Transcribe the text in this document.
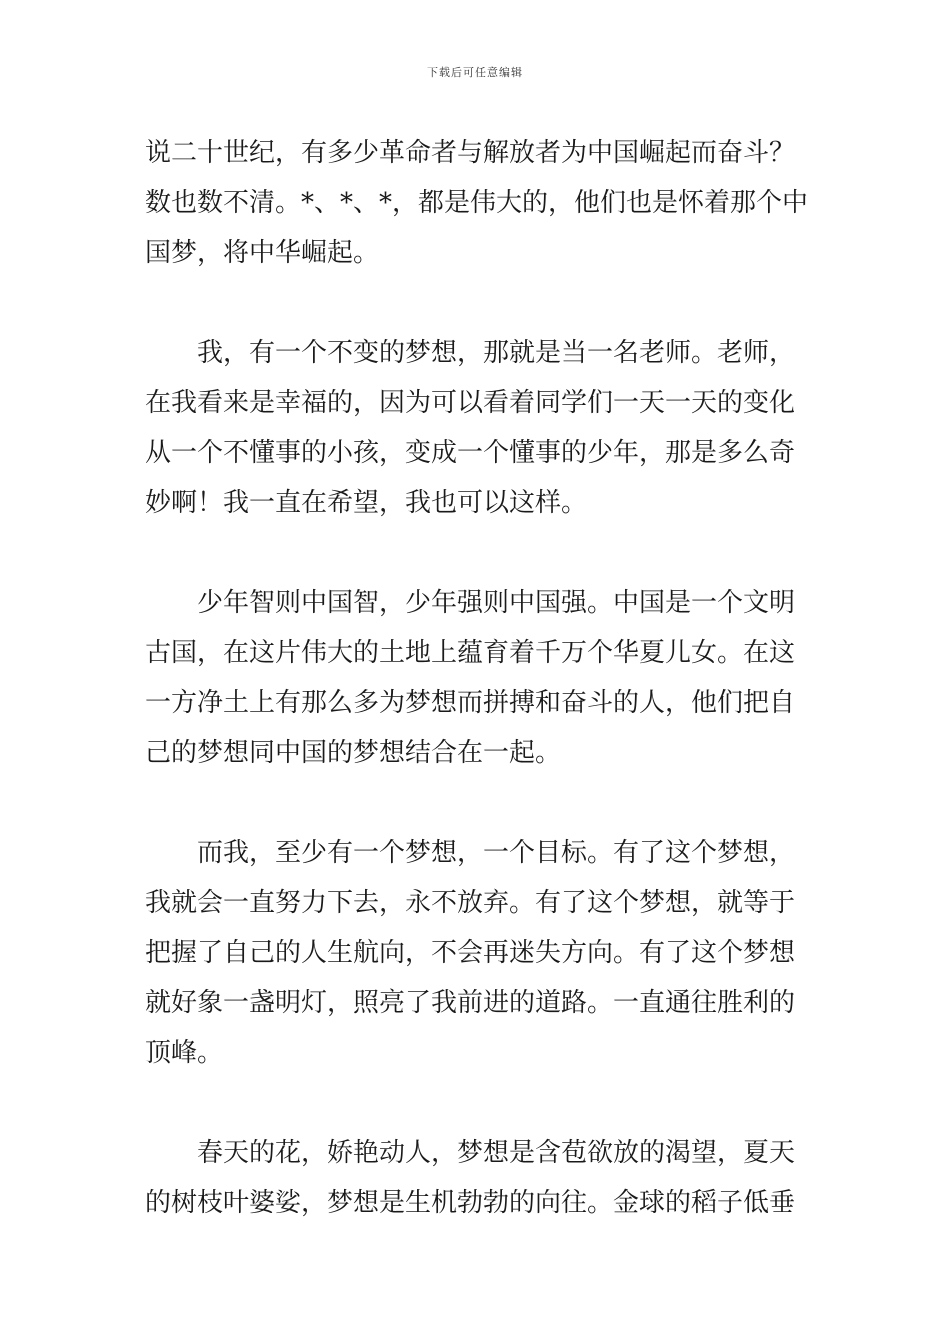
下载后可任意编辑
说二十世纪，有多少革命者与解放者为中国崛起而奋斗？
数也数不清。*、*、*，都是伟大的，他们也是怀着那个中
国梦，将中华崛起。
我，有一个不变的梦想，那就是当一名老师。老师，
在我看来是幸福的，因为可以看着同学们一天一天的变化
从一个不懂事的小孩，变成一个懂事的少年，那是多么奇
妙啊！我一直在希望，我也可以这样。
少年智则中国智，少年强则中国强。中国是一个文明
古国，在这片伟大的土地上蕴育着千万个华夏儿女。在这
一方净土上有那么多为梦想而拼搏和奋斗的人，他们把自
己的梦想同中国的梦想结合在一起。
而我，至少有一个梦想，一个目标。有了这个梦想，
我就会一直努力下去，永不放弃。有了这个梦想，就等于
把握了自己的人生航向，不会再迷失方向。有了这个梦想
就好象一盏明灯，照亮了我前进的道路。一直通往胜利的
顶峰。
春天的花，娇艳动人，梦想是含苞欲放的渴望，夏天
的树枝叶婆娑，梦想是生机勃勃的向往。金球的稻子低垂
